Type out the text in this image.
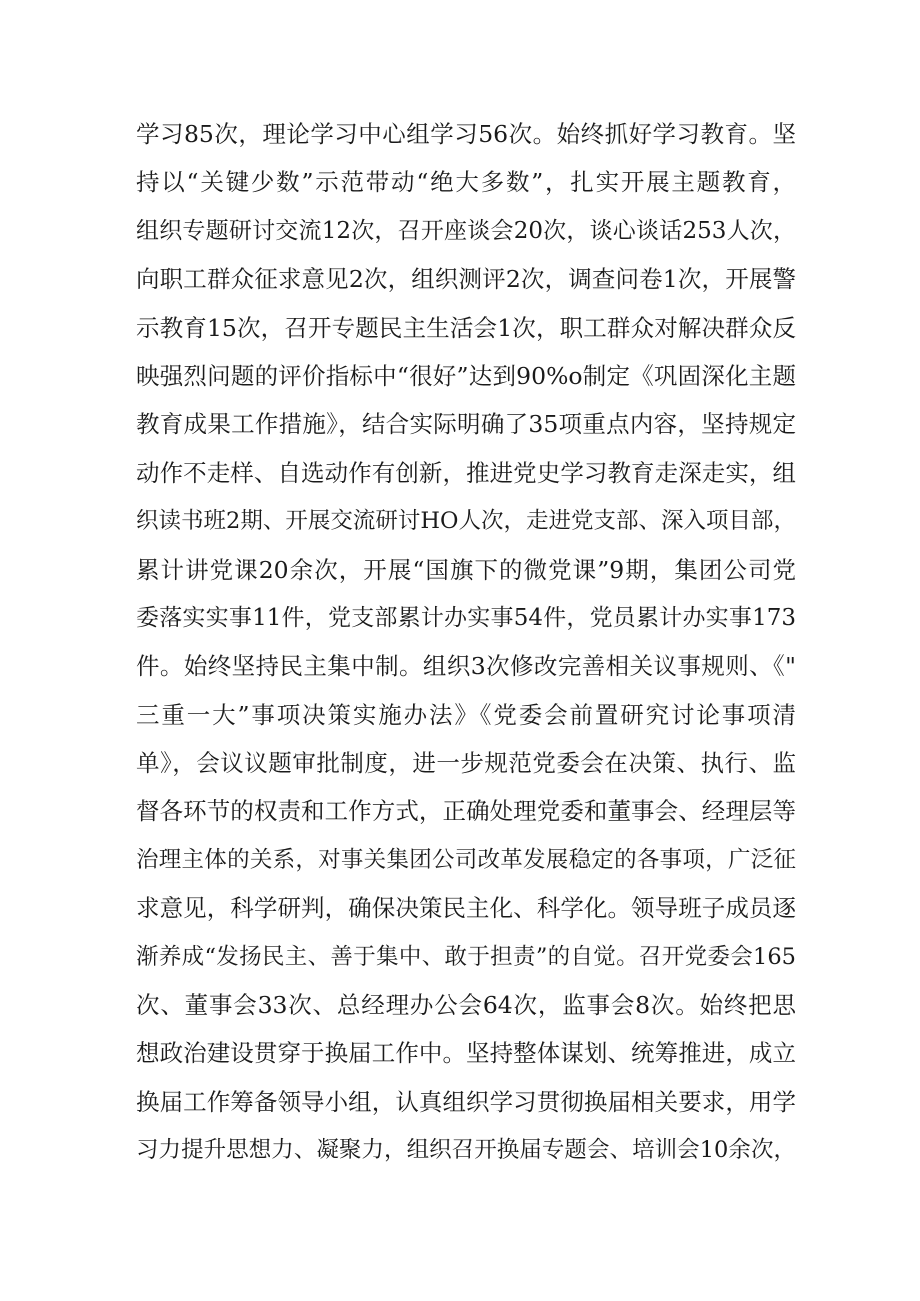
学习85次，理论学习中心组学习56次。始终抓好学习教育。坚
持以“关键少数”示范带动“绝大多数”，扎实开展主题教育，
组织专题研讨交流12次，召开座谈会20次，谈心谈话253人次，
向职工群众征求意见2次，组织测评2次，调查问卷1次，开展警
示教育15次，召开专题民主生活会1次，职工群众对解决群众反
映强烈问题的评价指标中“很好”达到90%o制定《巩固深化主题
教育成果工作措施》，结合实际明确了35项重点内容，坚持规定
动作不走样、自选动作有创新，推进党史学习教育走深走实，组
织读书班2期、开展交流研讨HO人次，走进党支部、深入项目部，
累计讲党课20余次，开展“国旗下的微党课”9期，集团公司党
委落实实事11件，党支部累计办实事54件，党员累计办实事173
件。始终坚持民主集中制。组织3次修改完善相关议事规则、《"
三重一大”事项决策实施办法》《党委会前置研究讨论事项清
单》，会议议题审批制度，进一步规范党委会在决策、执行、监
督各环节的权责和工作方式，正确处理党委和董事会、经理层等
治理主体的关系，对事关集团公司改革发展稳定的各事项，广泛征
求意见，科学研判，确保决策民主化、科学化。领导班子成员逐
渐养成“发扬民主、善于集中、敢于担责”的自觉。召开党委会165
次、董事会33次、总经理办公会64次，监事会8次。始终把思
想政治建设贯穿于换届工作中。坚持整体谋划、统筹推进，成立
换届工作筹备领导小组，认真组织学习贯彻换届相关要求，用学
习力提升思想力、凝聚力，组织召开换届专题会、培训会10余次，
